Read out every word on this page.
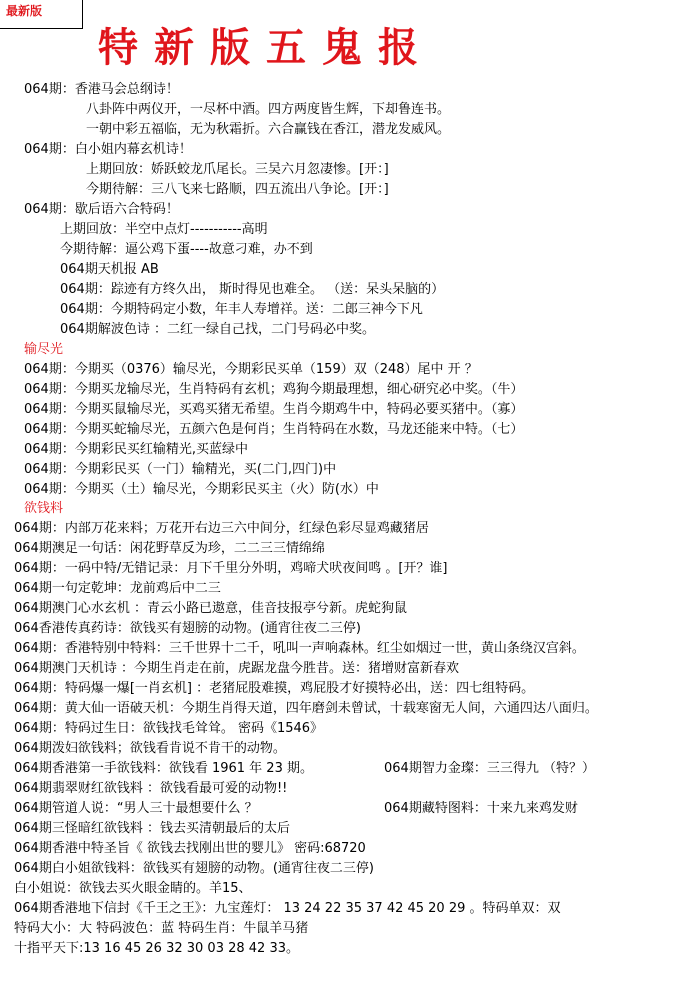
最新版
特新版五鬼报
064期：香港马会总纲诗！
八卦阵中两仪开，一尽杯中酒。四方两度皆生辉，下却鲁连书。
一朝中彩五福临，无为秋霜折。六合赢钱在香江，潜龙发威风。
064期：白小姐内幕玄机诗！
上期回放：娇跃蛟龙爪尾长。三吴六月忽凄惨。[开：]
今期待解：三八飞来七路顺，四五流出八争论。[开：]
064期：歇后语六合特码！
上期回放：半空中点灯-----------高明
今期待解：逼公鸡下蛋----故意刁难，办不到
064期天机报 AB
064期：踪迹有方终久出， 斯时得见也难全。 （送：呆头呆脑的）
064期：今期特码定小数，年丰人寿增祥。送：二郎三神今下凡
064期解波色诗 ：二红一绿自己找，二门号码必中奖。
输尽光
064期：今期买（0376）输尽光，今期彩民买单（159）双（248）尾中 开 ？
064期：今期买龙输尽光，生肖特码有玄机；鸡狗今期最理想，细心研究必中奖。（牛）
064期：今期买鼠输尽光，买鸡买猪无希望。生肖今期鸡牛中，特码必要买猪中。（寡）
064期：今期买蛇输尽光，五颜六色是何肖；生肖特码在水数，马龙还能来中特。（七）
064期：今期彩民买红输精光,买蓝绿中
064期：今期彩民买（一门）输精光，买(二门,四门)中
064期：今期买（土）输尽光，今期彩民买主（火）防(水）中
欲钱料
064期：内部万花来料；万花开右边三六中间分，红绿色彩尽显鸡藏猪居
064期澳足一句话：闲花野草反为珍，二二三三情绵绵
064期：一码中特/无错记录：月下千里分外明，鸡啼犬吠夜间鸣 。[开？谁]
064期一句定乾坤：龙前鸡后中二三
064期澳门心水玄机 ：青云小路已遨意，佳音技报亭兮新。虎蛇狗鼠
064香港传真药诗：欲钱买有翅膀的动物。(通宵往夜二三停)
064期：香港特别中特料：三千世界十二千，吼叫一声响森林。红尘如烟过一世，黄山条绕汉宫斜。
064期澳门天机诗 ：今期生肖走在前，虎踞龙盘今胜昔。送：猪增财富新春欢
064期：特码爆一爆[一肖玄机] ：老猪屁股难摸，鸡屁股才好摸特必出，送：四七组特码。
064期：黄大仙一语破天机：今期生肖得天道，四年磨剑未曾试，十载寒窗无人间，六通四达八面归。
064期：特码过生日：欲钱找毛耸耸。 密码《1546》
064期泼妇欲钱料；欲钱看肯说不肯干的动物。
064期香港第一手欲钱料：欲钱看 1961 年 23 期。	064期智力金璨：三三得九 （特？）
064期翡翠财红欲钱料 ：欲钱看最可爱的动物!!
064期管道人说：“男人三十最想要什么 ？	064期藏特图料：十来九来鸡发财
064期三怪暗红欲钱料 ：钱去买清朝最后的太后
064期香港中特圣旨《 欲钱去找刚出世的婴儿》 密码:68720
064期白小姐欲钱料：欲钱买有翅膀的动物。(通宵往夜二三停)
白小姐说：欲钱去买火眼金睛的。羊15、
064期香港地下信封《千王之王》：九宝莲灯： 13 24 22 35 37 42 45 20 29 。特码单双：双
特码大小：大 特码波色：蓝 特码生肖：牛鼠羊马猪
十指平天下:13 16 45 26 32 30 03 28 42 33。
